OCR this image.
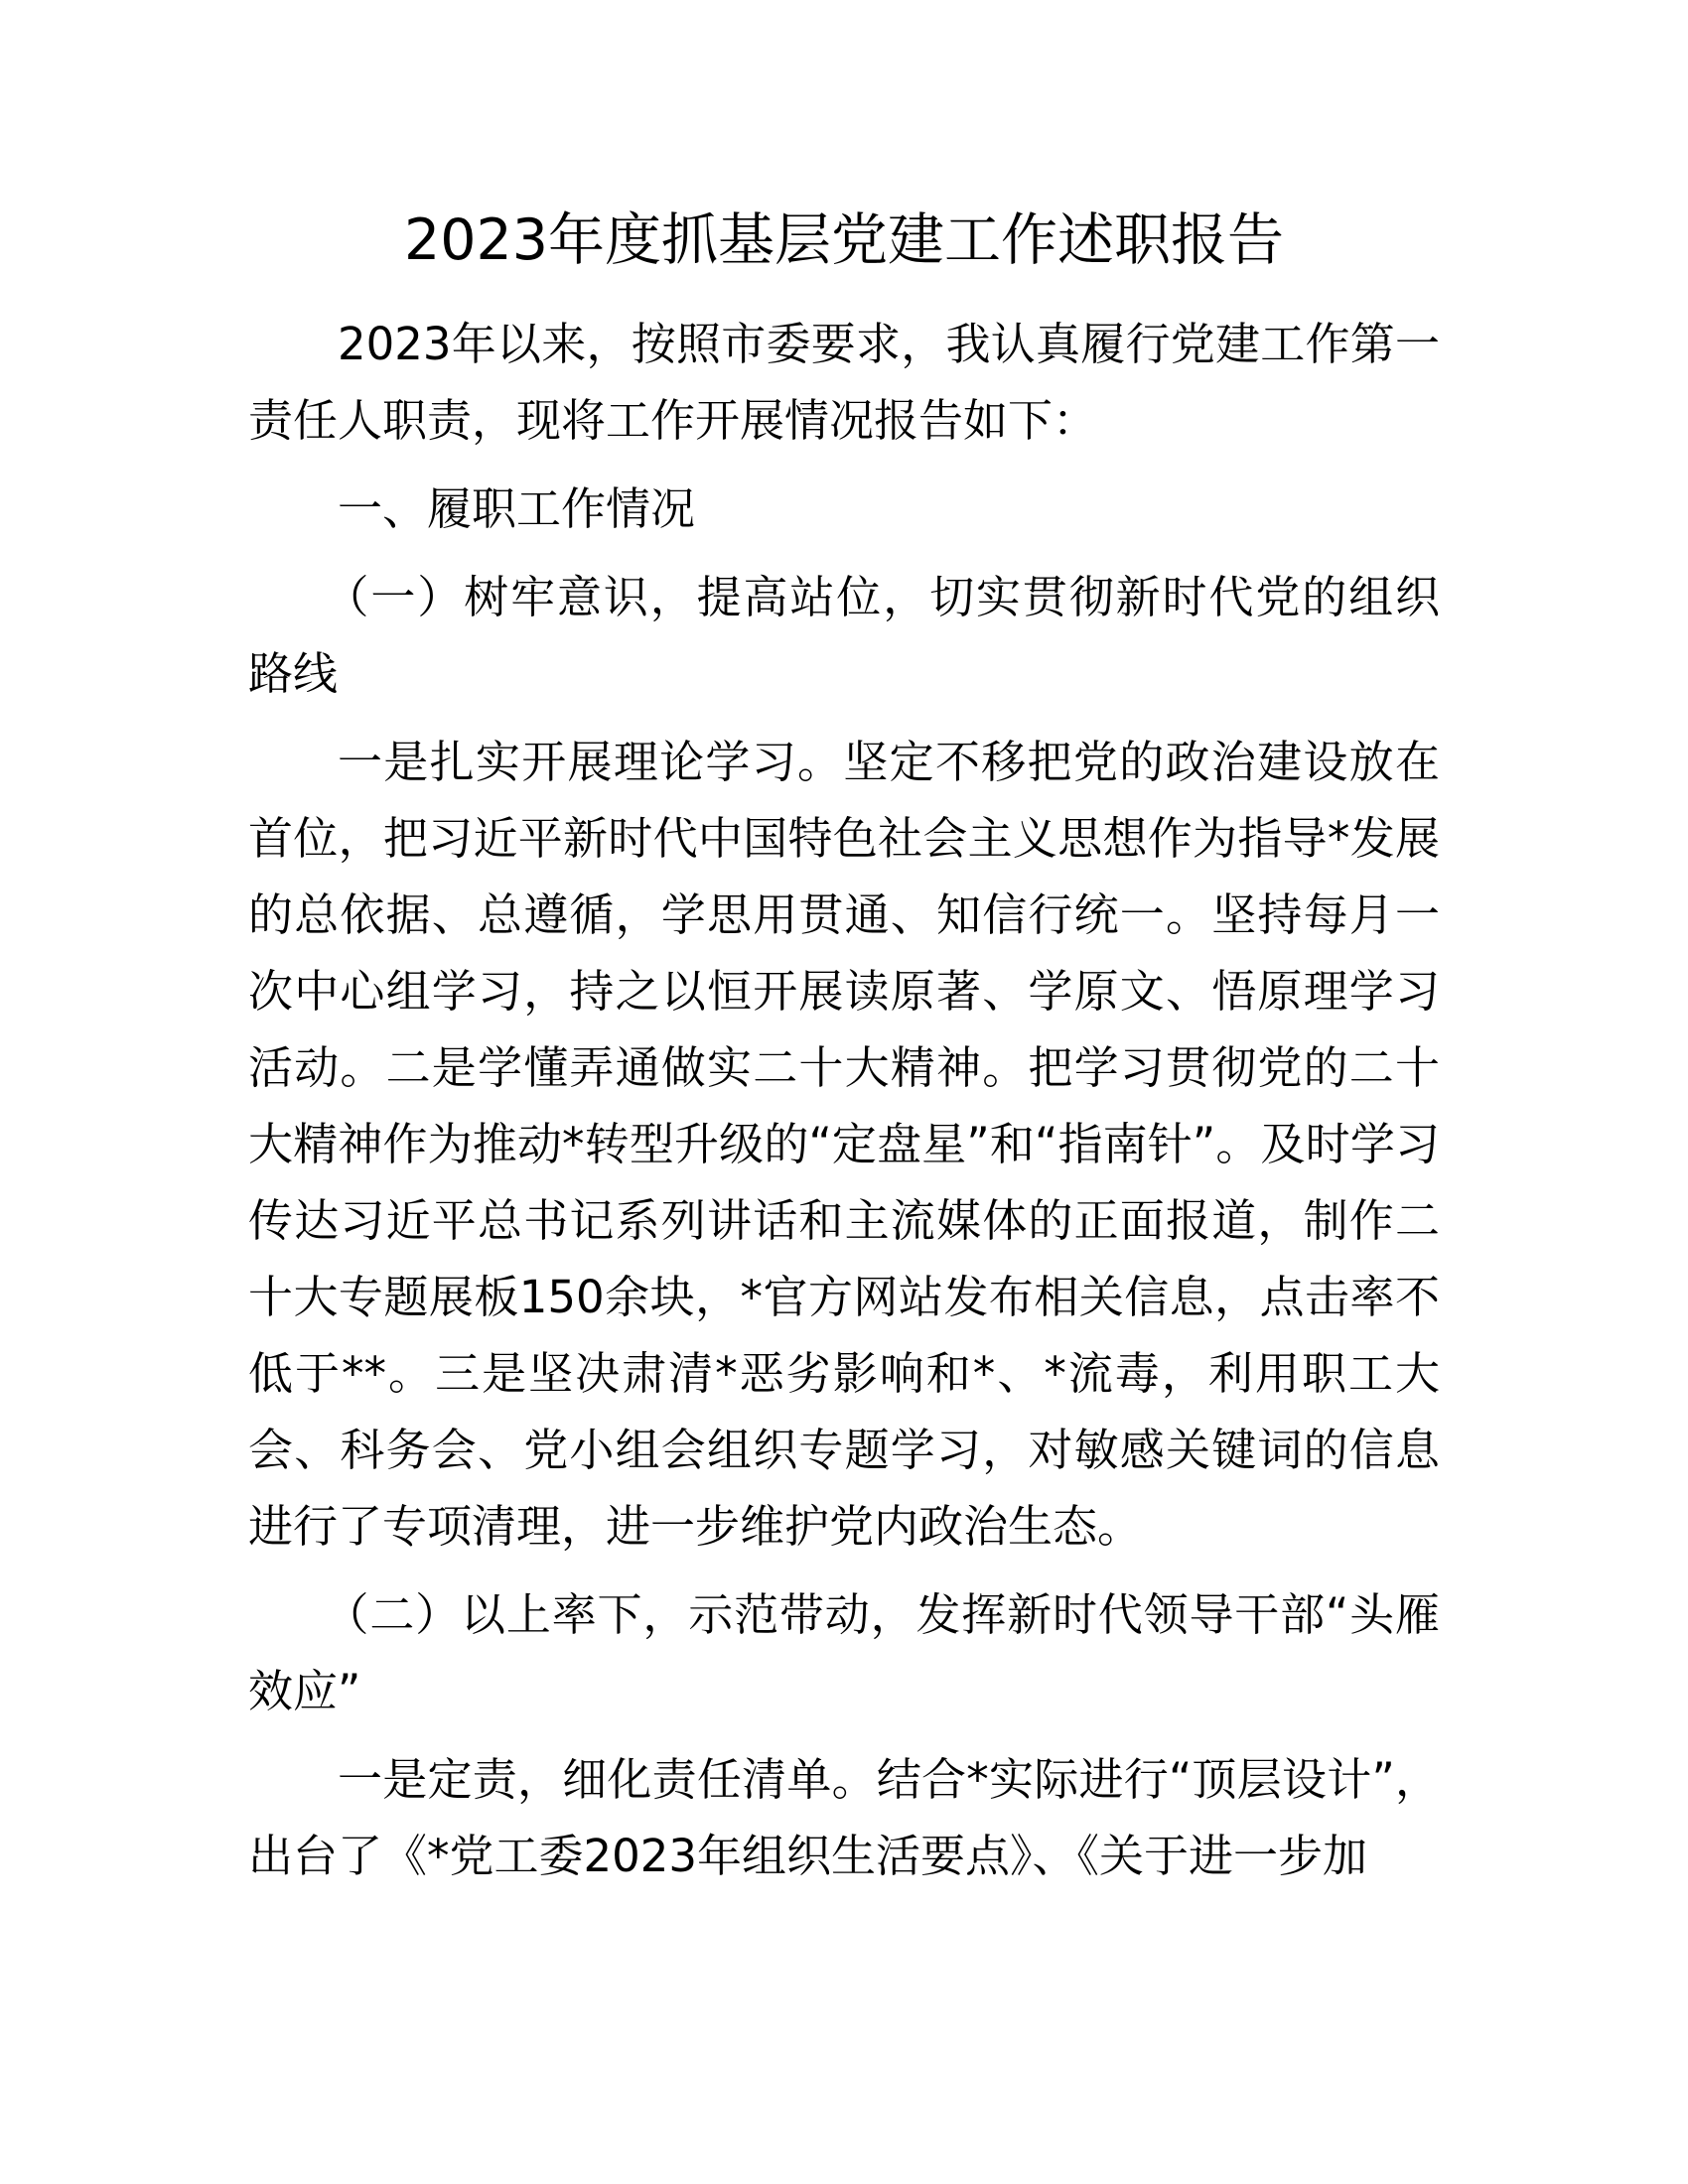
2023年度抓基层党建工作述职报告

2023年以来，按照市委要求，我认真履行党建工作第一责任人职责，现将工作开展情况报告如下：

一、履职工作情况

（一）树牢意识，提高站位，切实贯彻新时代党的组织路线

一是扎实开展理论学习。坚定不移把党的政治建设放在首位，把习近平新时代中国特色社会主义思想作为指导*发展的总依据、总遵循，学思用贯通、知信行统一。坚持每月一次中心组学习，持之以恒开展读原著、学原文、悟原理学习活动。二是学懂弄通做实二十大精神。把学习贯彻党的二十大精神作为推动*转型升级的“定盘星”和“指南针”。及时学习传达习近平总书记系列讲话和主流媒体的正面报道，制作二十大专题展板150余块，*官方网站发布相关信息，点击率不低于**。三是坚决肃清*恶劣影响和*、*流毒，利用职工大会、科务会、党小组会组织专题学习，对敏感关键词的信息进行了专项清理，进一步维护党内政治生态。

（二）以上率下，示范带动，发挥新时代领导干部“头雁效应”

一是定责，细化责任清单。结合*实际进行“顶层设计”，出台了《*党工委2023年组织生活要点》、《关于进一步加
